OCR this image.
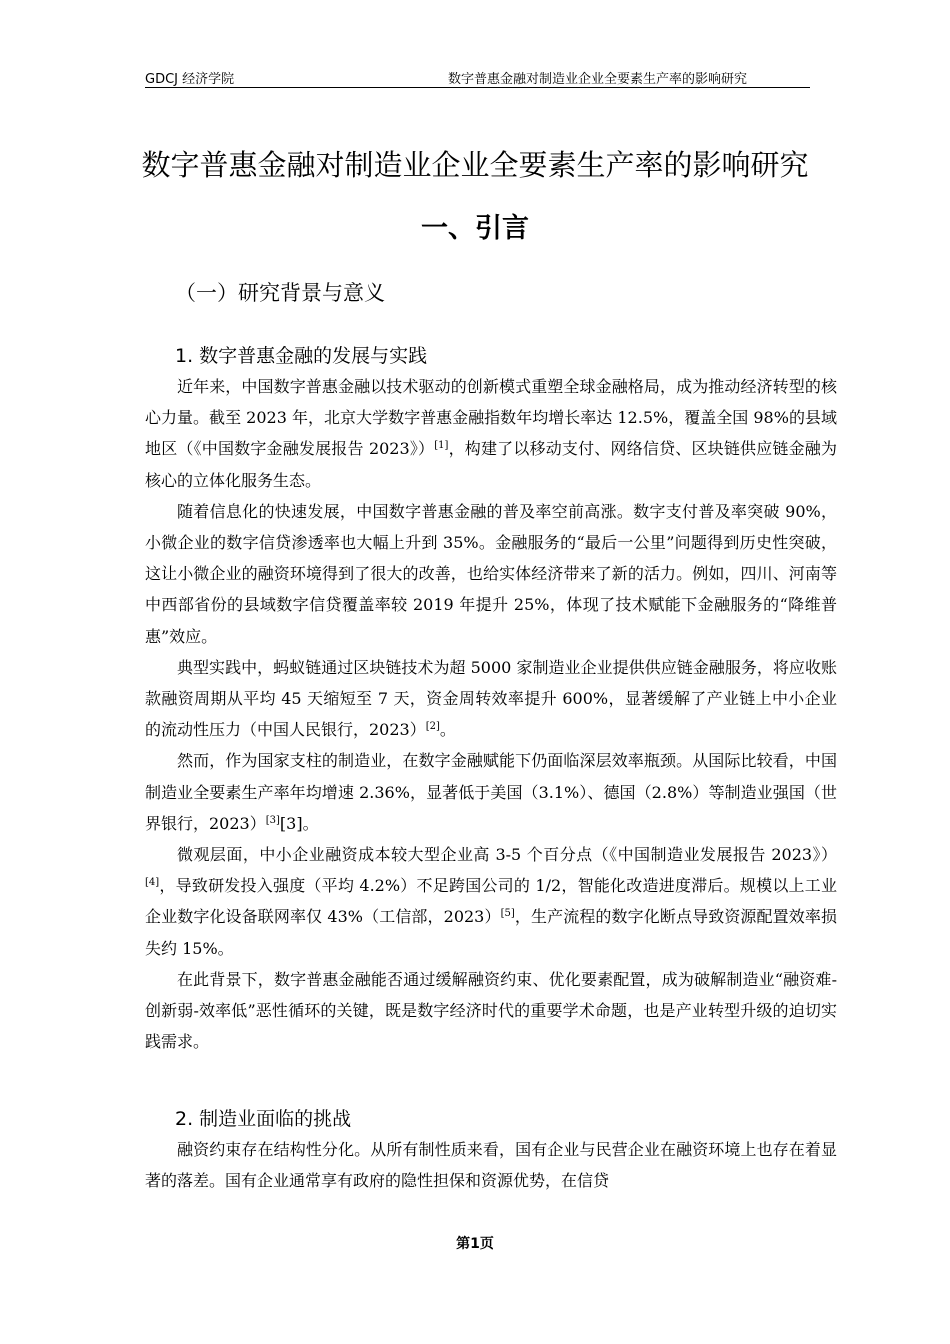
GDCJ 经济学院	数字普惠金融对制造业企业全要素生产率的影响研究
数字普惠金融对制造业企业全要素生产率的影响研究
一、引言
（一）研究背景与意义
1. 数字普惠金融的发展与实践

近年来，中国数字普惠金融以技术驱动的创新模式重塑全球金融格局，成为推动经济转型的核心力量。截至 2023 年，北京大学数字普惠金融指数年均增长率达 12.5%，覆盖全国 98%的县域地区（《中国数字金融发展报告 2023》）[1]，构建了以移动支付、网络信贷、区块链供应链金融为核心的立体化服务生态。

随着信息化的快速发展，中国数字普惠金融的普及率空前高涨。数字支付普及率突破 90%，小微企业的数字信贷渗透率也大幅上升到 35%。金融服务的“最后一公里”问题得到历史性突破，这让小微企业的融资环境得到了很大的改善，也给实体经济带来了新的活力。例如，四川、河南等中西部省份的县域数字信贷覆盖率较 2019 年提升 25%，体现了技术赋能下金融服务的“降维普惠”效应。

典型实践中，蚂蚁链通过区块链技术为超 5000 家制造业企业提供供应链金融服务，将应收账款融资周期从平均 45 天缩短至 7 天，资金周转效率提升 600%，显著缓解了产业链上中小企业的流动性压力（中国人民银行，2023）[2]。

然而，作为国家支柱的制造业，在数字金融赋能下仍面临深层效率瓶颈。从国际比较看，中国制造业全要素生产率年均增速 2.36%，显著低于美国（3.1%）、德国（2.8%）等制造业强国（世界银行，2023）[3][3]。

微观层面，中小企业融资成本较大型企业高 3-5 个百分点（《中国制造业发展报告 2023》）[4]，导致研发投入强度（平均 4.2%）不足跨国公司的 1/2，智能化改造进度滞后。规模以上工业企业数字化设备联网率仅 43%（工信部，2023）[5]，生产流程的数字化断点导致资源配置效率损失约 15%。

在此背景下，数字普惠金融能否通过缓解融资约束、优化要素配置，成为破解制造业“融资难-创新弱-效率低”恶性循环的关键，既是数字经济时代的重要学术命题，也是产业转型升级的迫切实践需求。

2. 制造业面临的挑战

融资约束存在结构性分化。从所有制性质来看，国有企业与民营企业在融资环境上也存在着显著的落差。国有企业通常享有政府的隐性担保和资源优势，在信贷

第1页
